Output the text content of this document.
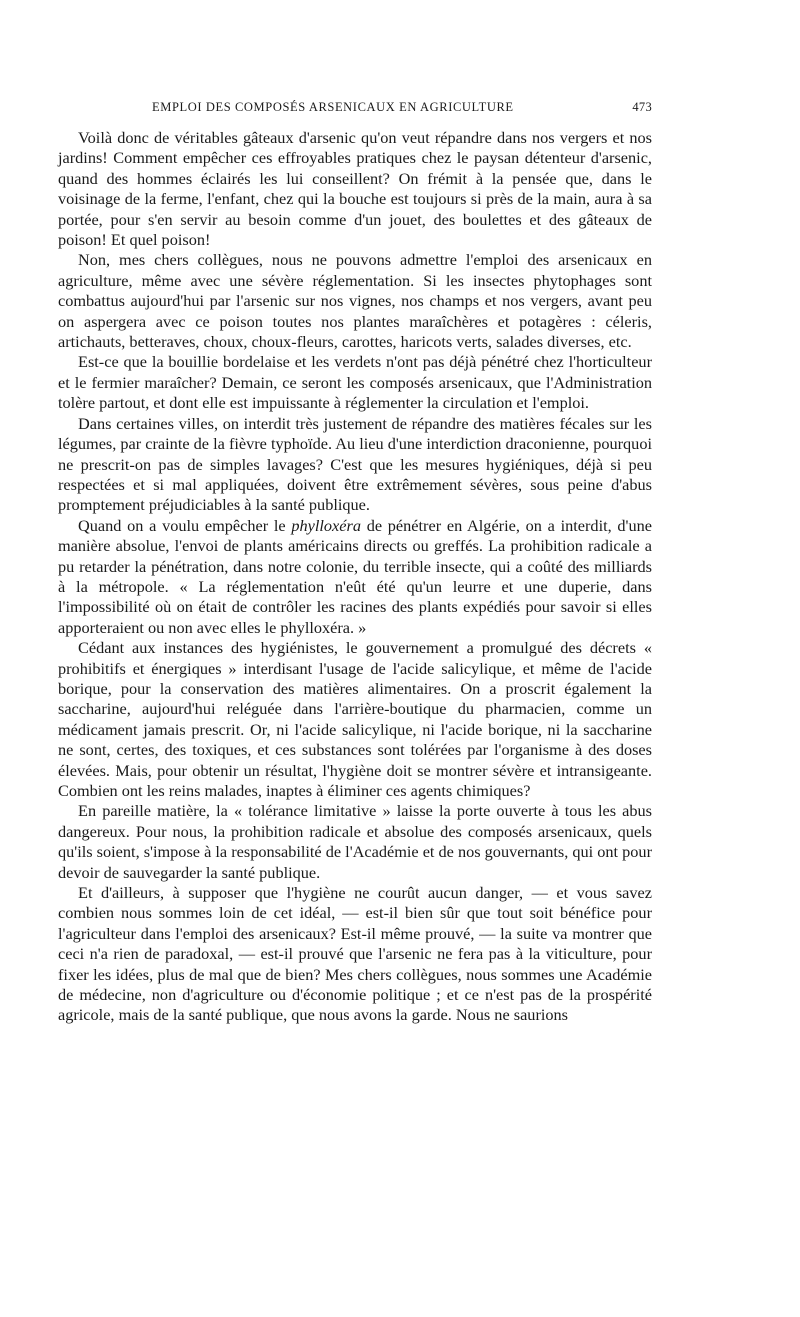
EMPLOI DES COMPOSÉS ARSENICAUX EN AGRICULTURE	473

Voilà donc de véritables gâteaux d'arsenic qu'on veut répandre dans nos vergers et nos jardins! Comment empêcher ces effroyables pratiques chez le paysan détenteur d'arsenic, quand des hommes éclairés les lui conseillent? On frémit à la pensée que, dans le voisinage de la ferme, l'enfant, chez qui la bouche est toujours si près de la main, aura à sa portée, pour s'en servir au besoin comme d'un jouet, des boulettes et des gâteaux de poison! Et quel poison!

Non, mes chers collègues, nous ne pouvons admettre l'emploi des arsenicaux en agriculture, même avec une sévère réglementation. Si les insectes phytophages sont combattus aujourd'hui par l'arsenic sur nos vignes, nos champs et nos vergers, avant peu on aspergera avec ce poison toutes nos plantes maraîchères et potagères : céleris, artichauts, betteraves, choux, choux-fleurs, carottes, haricots verts, salades diverses, etc.

Est-ce que la bouillie bordelaise et les verdets n'ont pas déjà pénétré chez l'horticulteur et le fermier maraîcher? Demain, ce seront les composés arsenicaux, que l'Administration tolère partout, et dont elle est impuissante à réglementer la circulation et l'emploi.

Dans certaines villes, on interdit très justement de répandre des matières fécales sur les légumes, par crainte de la fièvre typhoïde. Au lieu d'une interdiction draconienne, pourquoi ne prescrit-on pas de simples lavages? C'est que les mesures hygiéniques, déjà si peu respectées et si mal appliquées, doivent être extrêmement sévères, sous peine d'abus promptement préjudiciables à la santé publique.

Quand on a voulu empêcher le phylloxéra de pénétrer en Algérie, on a interdit, d'une manière absolue, l'envoi de plants américains directs ou greffés. La prohibition radicale a pu retarder la pénétration, dans notre colonie, du terrible insecte, qui a coûté des milliards à la métropole. « La réglementation n'eût été qu'un leurre et une duperie, dans l'impossibilité où on était de contrôler les racines des plants expédiés pour savoir si elles apporteraient ou non avec elles le phylloxéra. »

Cédant aux instances des hygiénistes, le gouvernement a promulgué des décrets « prohibitifs et énergiques » interdisant l'usage de l'acide salicylique, et même de l'acide borique, pour la conservation des matières alimentaires. On a proscrit également la saccharine, aujourd'hui reléguée dans l'arrière-boutique du pharmacien, comme un médicament jamais prescrit. Or, ni l'acide salicylique, ni l'acide borique, ni la saccharine ne sont, certes, des toxiques, et ces substances sont tolérées par l'organisme à des doses élevées. Mais, pour obtenir un résultat, l'hygiène doit se montrer sévère et intransigeante. Combien ont les reins malades, inaptes à éliminer ces agents chimiques?

En pareille matière, la « tolérance limitative » laisse la porte ouverte à tous les abus dangereux. Pour nous, la prohibition radicale et absolue des composés arsenicaux, quels qu'ils soient, s'impose à la responsabilité de l'Académie et de nos gouvernants, qui ont pour devoir de sauvegarder la santé publique.

Et d'ailleurs, à supposer que l'hygiène ne courût aucun danger, — et vous savez combien nous sommes loin de cet idéal, — est-il bien sûr que tout soit bénéfice pour l'agriculteur dans l'emploi des arsenicaux? Est-il même prouvé, — la suite va montrer que ceci n'a rien de paradoxal, — est-il prouvé que l'arsenic ne fera pas à la viticulture, pour fixer les idées, plus de mal que de bien? Mes chers collègues, nous sommes une Académie de médecine, non d'agriculture ou d'économie politique ; et ce n'est pas de la prospérité agricole, mais de la santé publique, que nous avons la garde. Nous ne saurions
